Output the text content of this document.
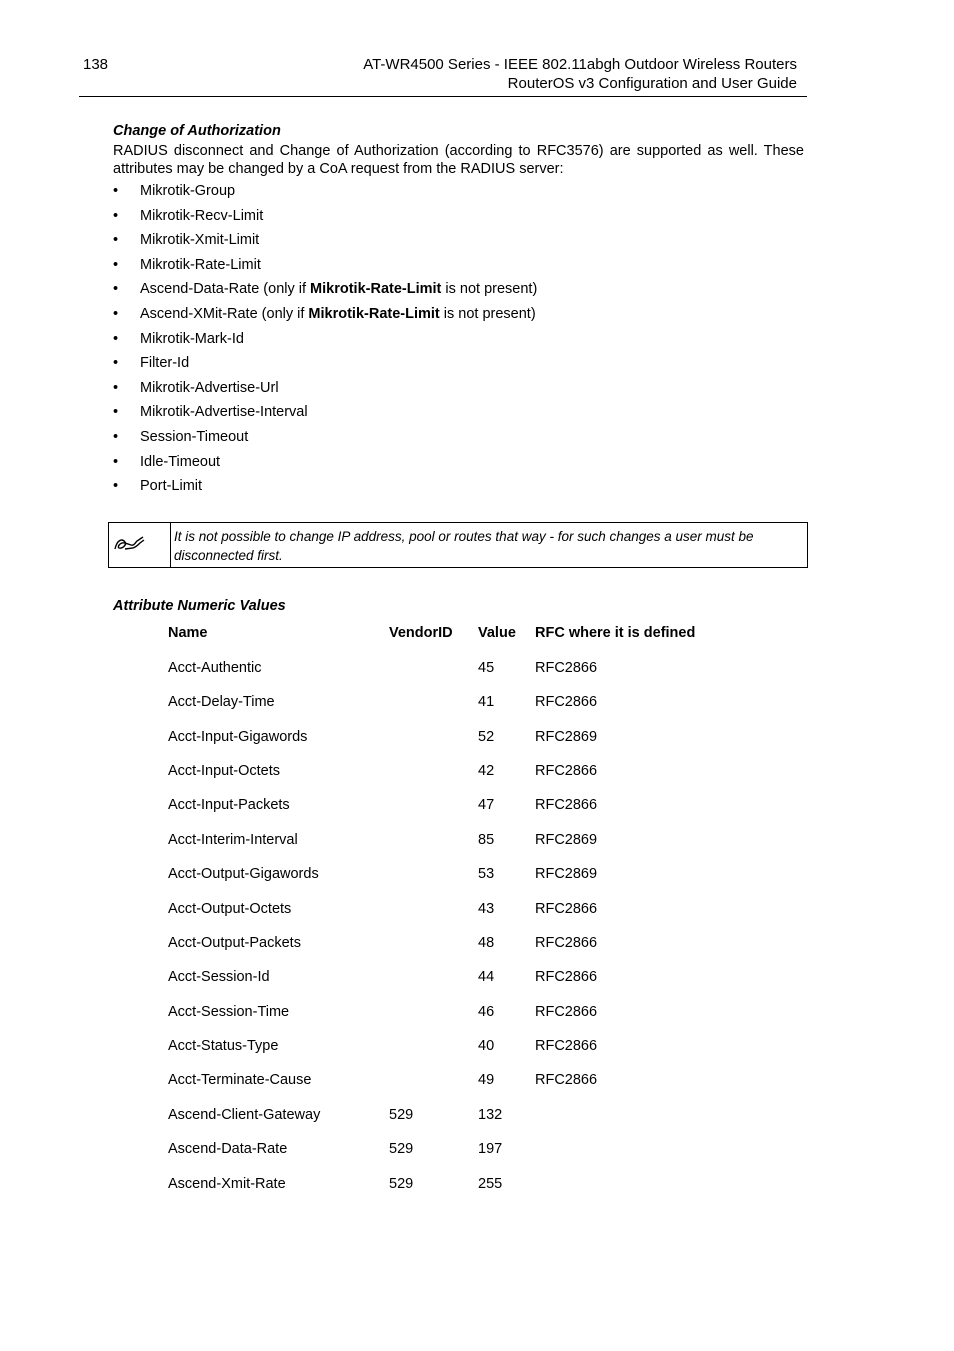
138	AT-WR4500 Series - IEEE 802.11abgh Outdoor Wireless Routers
RouterOS v3 Configuration and User Guide
Change of Authorization

RADIUS disconnect and Change of Authorization (according to RFC3576) are supported as well. These attributes may be changed by a CoA request from the RADIUS server:

•	Mikrotik-Group
•	Mikrotik-Recv-Limit
•	Mikrotik-Xmit-Limit
•	Mikrotik-Rate-Limit
•	Ascend-Data-Rate (only if Mikrotik-Rate-Limit is not present)
•	Ascend-XMit-Rate (only if Mikrotik-Rate-Limit is not present)
•	Mikrotik-Mark-Id
•	Filter-Id
•	Mikrotik-Advertise-Url
•	Mikrotik-Advertise-Interval
•	Session-Timeout
•	Idle-Timeout
•	Port-Limit
It is not possible to change IP address, pool or routes that way - for such changes a user must be disconnected first.
Attribute Numeric Values
Name	VendorID	Value	RFC where it is defined
Acct-Authentic		45	RFC2866
Acct-Delay-Time		41	RFC2866
Acct-Input-Gigawords		52	RFC2869
Acct-Input-Octets		42	RFC2866
Acct-Input-Packets		47	RFC2866
Acct-Interim-Interval		85	RFC2869
Acct-Output-Gigawords		53	RFC2869
Acct-Output-Octets		43	RFC2866
Acct-Output-Packets		48	RFC2866
Acct-Session-Id		44	RFC2866
Acct-Session-Time		46	RFC2866
Acct-Status-Type		40	RFC2866
Acct-Terminate-Cause		49	RFC2866
Ascend-Client-Gateway	529	132	
Ascend-Data-Rate	529	197	
Ascend-Xmit-Rate	529	255	
